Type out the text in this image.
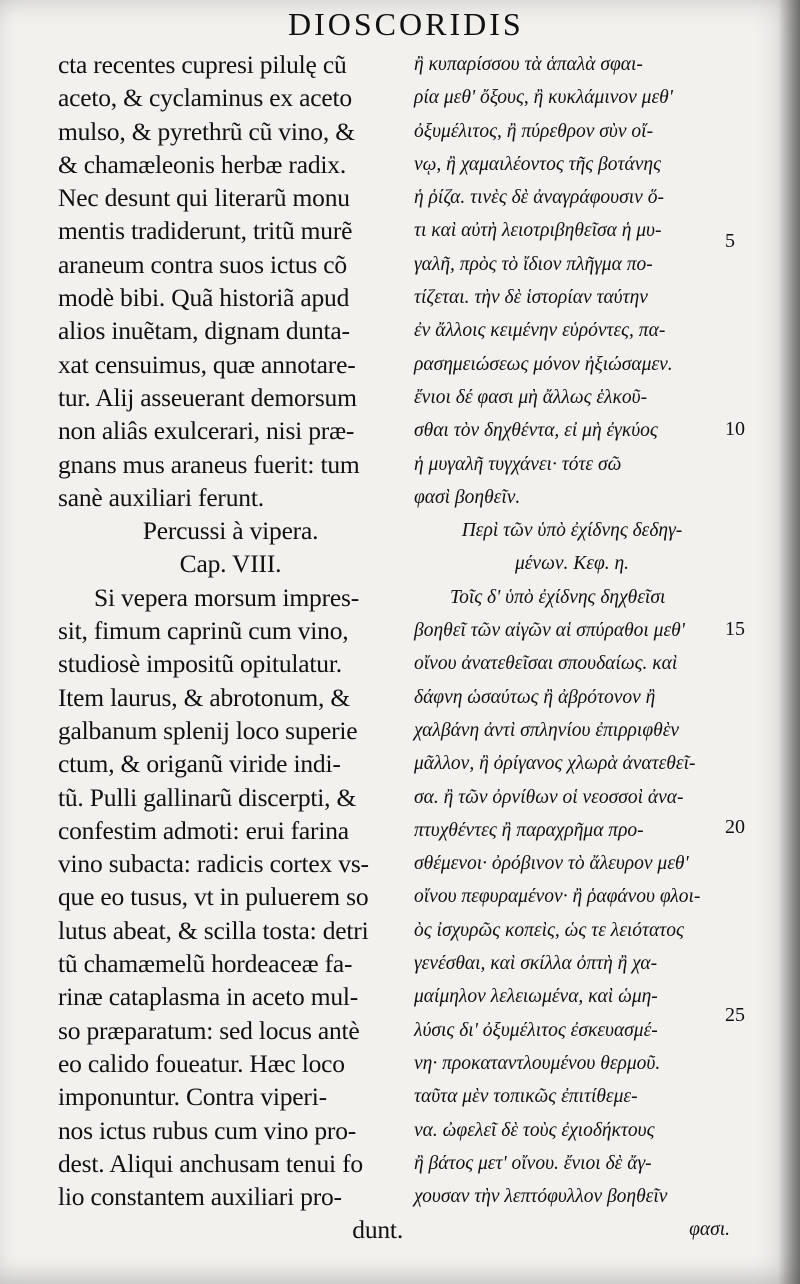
DIOSCORIDIS
cta recentes cupresi pilulę cũ
aceto, & cyclaminus ex aceto
mulso, & pyrethrũ cũ vino, &
& chamæleonis herbæ radix.
Nec desunt qui literarũ monu
mentis tradiderunt, tritũ murẽ
araneum contra suos ictus cõ
modè bibi. Quã historiã apud
alios inuẽtam, dignam dunta-
xat censuimus, quæ annotare-
tur. Alij asseuerant demorsum
non aliâs exulcerari, nisi præ-
gnans mus araneus fuerit: tum
sanè auxiliari ferunt.
Percussi à vipera.
Cap. VIII.
Si vepera morsum impres-
sit, fimum caprinũ cum vino,
studiosè impositũ opitulatur.
Item laurus, & abrotonum, &
galbanum splenij loco superie
ctum, & origanũ viride indi-
tũ. Pulli gallinarũ discerpti, &
confestim admoti: erui farina
vino subacta: radicis cortex vs-
que eo tusus, vt in puluerem so
lutus abeat, & scilla tosta: detri
tũ chamæmelũ hordeaceæ fa-
rinæ cataplasma in aceto mul-
so præparatum: sed locus antè
eo calido foueatur. Hæc loco
imponuntur. Contra viperi-
nos ictus rubus cum vino pro-
dest. Aliqui anchusam tenui fo
lio constantem auxiliari pro-
dunt.
ἢ κυπαρίσσου τὰ ἁπαλὰ σφαι-
ρία μεθ' ὄξους, ἢ κυκλάμινον μεθ'
ὀξυμέλιτος, ἢ πύρεθρον σὺν οἴ-
νῳ, ἢ χαμαιλέοντος τῆς βοτάνης
ἡ ῥίζα. τινὲς δὲ ἀναγράφουσιν ὅ-
τι καὶ αὐτὴ λειοτριβηθεῖσα ἡ μυ-
γαλῆ, πρὸς τὸ ἴδιον πλῆγμα πο-
τίζεται. τὴν δὲ ἱστορίαν ταύτην
ἐν ἄλλοις κειμένην εὑρόντες, πα-
ρασημειώσεως μόνον ἠξιώσαμεν.
ἔνιοι δέ φασι μὴ ἄλλως ἑλκοῦ-
σθαι τὸν δηχθέντα, εἰ μὴ ἐγκύος
ἡ μυγαλῆ τυγχάνει· τότε σῶ
φασὶ βοηθεῖν.
Περὶ τῶν ὑπὸ ἐχίδνης δεδηγ-
μένων. Κεφ. η.
Τοῖς δ' ὑπὸ ἐχίδνης δηχθεῖσι
βοηθεῖ τῶν αἰγῶν αἱ σπύραθοι μεθ'
οἴνου ἀνατεθεῖσαι σπουδαίως. καὶ
δάφνη ὡσαύτως ἢ ἀβρότονον ἢ
χαλβάνη ἀντὶ σπληνίου ἐπιρριφθὲν
μᾶλλον, ἢ ὀρίγανος χλωρὰ ἀνατεθεῖ-
σα. ἢ τῶν ὀρνίθων οἱ νεοσσοὶ ἀνα-
πτυχθέντες ἢ παραχρῆμα προ-
σθέμενοι· ὀρόβινον τὸ ἄλευρον μεθ'
οἴνου πεφυραμένον· ἢ ῥαφάνου φλοι-
ὸς ἰσχυρῶς κοπεὶς, ὡς τε λειότατος
γενέσθαι, καὶ σκίλλα ὀπτὴ ἢ χα-
μαίμηλον λελειωμένα, καὶ ὡμη-
λύσις δι' ὀξυμέλιτος ἐσκευασμέ-
νη· προκαταντλουμένου θερμοῦ.
ταῦτα μὲν τοπικῶς ἐπιτίθεμε-
να. ὠφελεῖ δὲ τοὺς ἐχιοδήκτους
ἢ βάτος μετ' οἴνου. ἔνιοι δὲ ἄγ-
χουσαν τὴν λεπτόφυλλον βοηθεῖν
φασι.
5
10
15
20
25
